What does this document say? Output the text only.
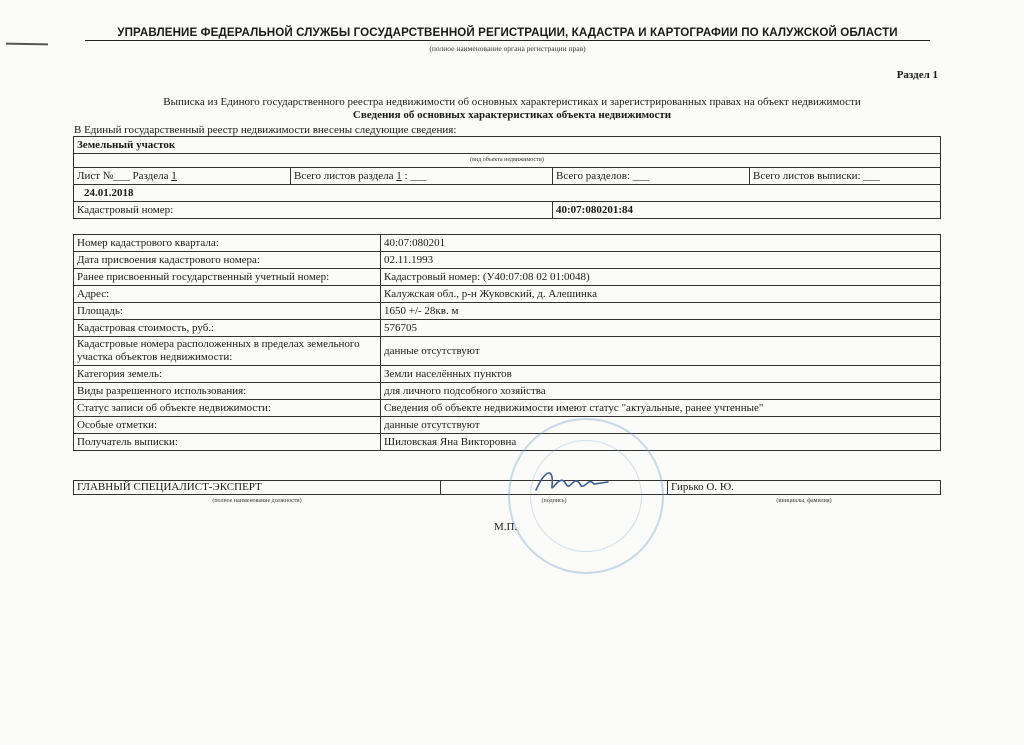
УПРАВЛЕНИЕ ФЕДЕРАЛЬНОЙ СЛУЖБЫ ГОСУДАРСТВЕННОЙ РЕГИСТРАЦИИ, КАДАСТРА И КАРТОГРАФИИ ПО КАЛУЖСКОЙ ОБЛАСТИ
(полное наименование органа регистрации прав)
Раздел 1
Выписка из Единого государственного реестра недвижимости об основных характеристиках и зарегистрированных правах на объект недвижимости
Сведения об основных характеристиках объекта недвижимости
В Единый государственный реестр недвижимости внесены следующие сведения:
Земельный участок			
(вид объекта недвижимости)			
Лист №___ Раздела 1	Всего листов раздела 1 : ___	Всего разделов: ___	Всего листов выписки: ___
24.01.2018			
Кадастровый номер:		40:07:080201:84	
Номер кадастрового квартала:	40:07:080201
Дата присвоения кадастрового номера:	02.11.1993
Ранее присвоенный государственный учетный номер:	Кадастровый номер: (У40:07:08 02 01:0048)
Адрес:	Калужская обл., р-н Жуковский, д. Алешинка
Площадь:	1650 +/- 28кв. м
Кадастровая стоимость, руб.:	576705
Кадастровые номера расположенных в пределах земельного участка объектов недвижимости:	данные отсутствуют
Категория земель:	Земли населённых пунктов
Виды разрешенного использования:	для личного подсобного хозяйства
Статус записи об объекте недвижимости:	Сведения об объекте недвижимости имеют статус "актуальные, ранее учтенные"
Особые отметки:	данные отсутствуют
Получатель выписки:	Шиловская Яна Викторовна
ГЛАВНЫЙ СПЕЦИАЛИСТ-ЭКСПЕРТ		Гирько О. Ю.
(полное наименование должности)	(подпись)	(инициалы, фамилия)
М.П.
